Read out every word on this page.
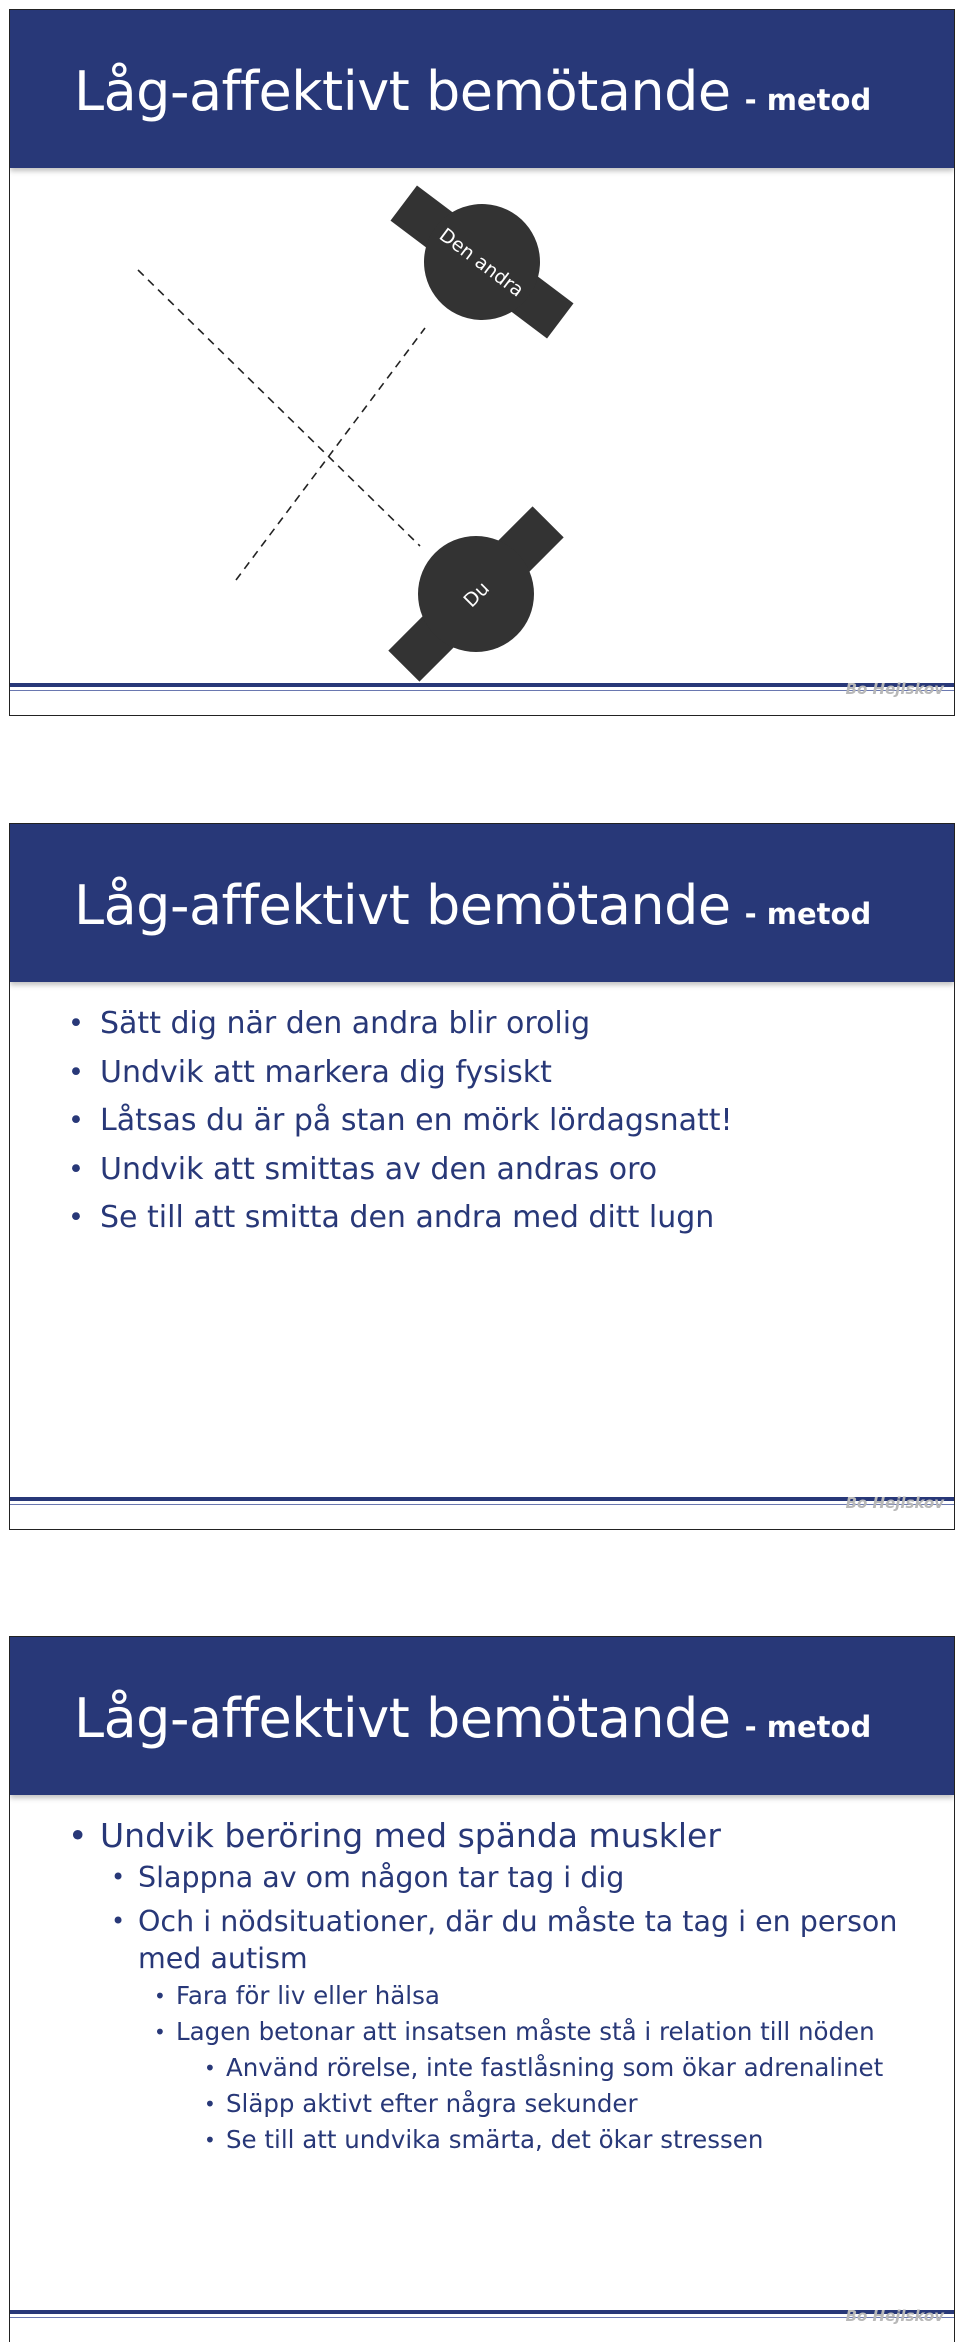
Låg-affektivt bemötande - metod
Den andra
Du
Bo Hejlskov
Låg-affektivt bemötande - metod
• Sätt dig när den andra blir orolig
• Undvik att markera dig fysiskt
• Låtsas du är på stan en mörk lördagsnatt!
• Undvik att smittas av den andras oro
• Se till att smitta den andra med ditt lugn
Bo Hejlskov
Låg-affektivt bemötande - metod
• Undvik beröring med spända muskler
• Slappna av om någon tar tag i dig
• Och i nödsituationer, där du måste ta tag i en person med autism
• Fara för liv eller hälsa
• Lagen betonar att insatsen måste stå i relation till nöden
• Använd rörelse, inte fastlåsning som ökar adrenalinet
• Släpp aktivt efter några sekunder
• Se till att undvika smärta, det ökar stressen
Bo Hejlskov
